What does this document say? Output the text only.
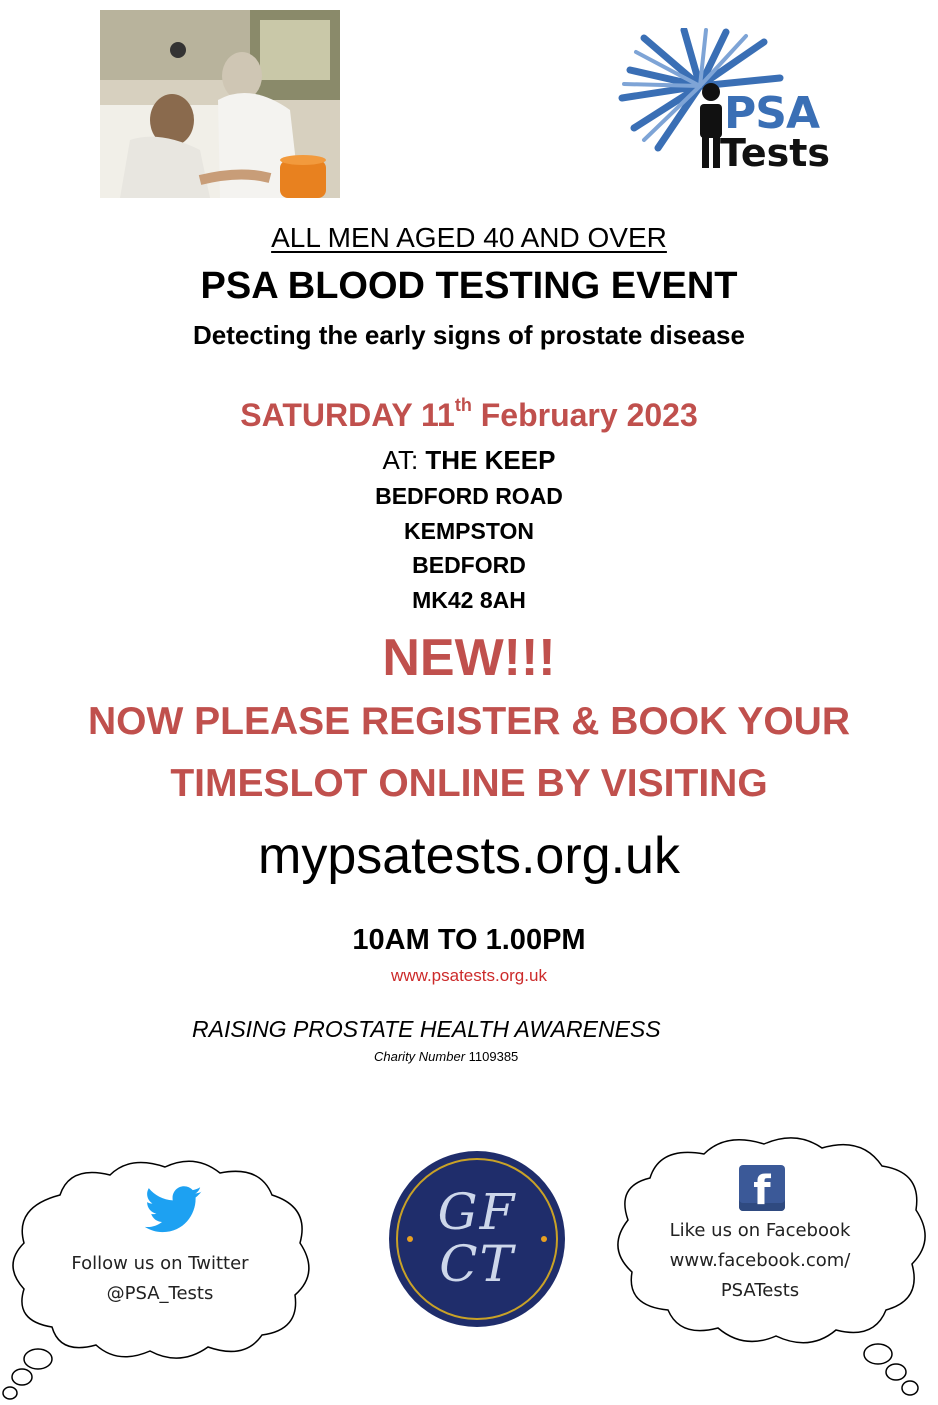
PSA
Tests
ALL MEN AGED 40 AND OVER
PSA BLOOD TESTING EVENT
Detecting the early signs of prostate disease
SATURDAY 11th February 2023
AT: THE KEEP
BEDFORD ROAD
KEMPSTON
BEDFORD
MK42 8AH
NEW!!!
NOW PLEASE REGISTER & BOOK YOUR
TIMESLOT ONLINE BY VISITING
mypsatests.org.uk
10AM TO 1.00PM
www.psatests.org.uk
RAISING PROSTATE HEALTH AWARENESS
Charity Number 1109385
Follow us on Twitter
@PSA_Tests
GF
CT
Like us on Facebook
www.facebook.com/
PSATests
f
